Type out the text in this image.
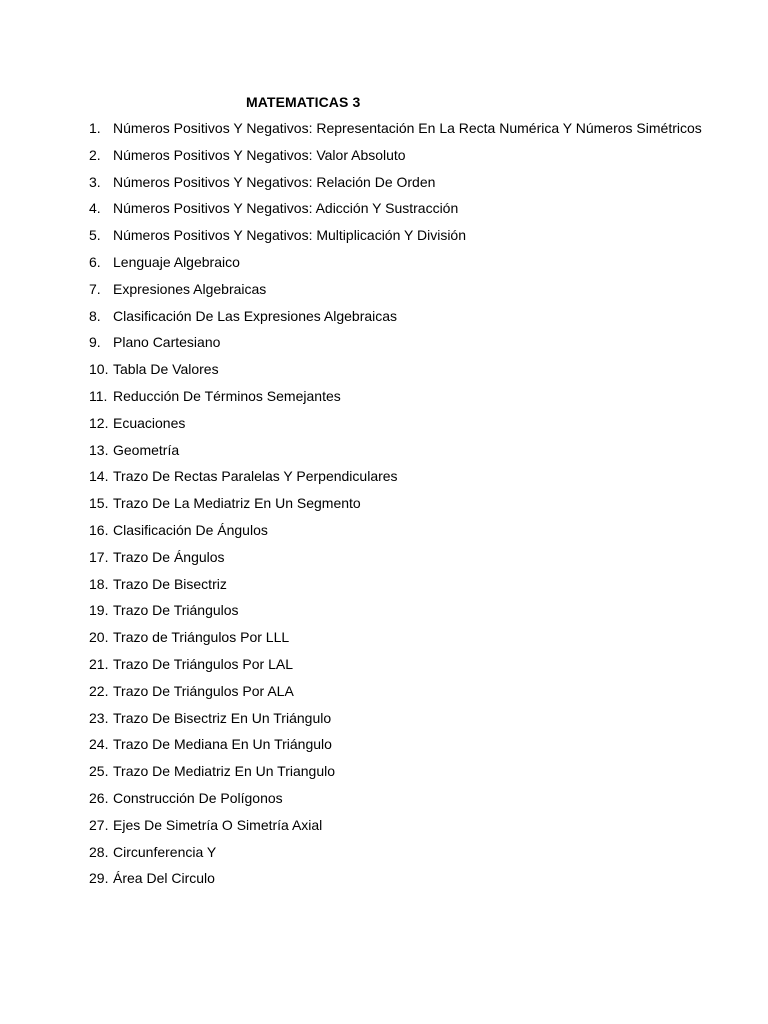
MATEMATICAS 3
1. Números Positivos Y Negativos: Representación En La Recta Numérica Y Números Simétricos
2. Números Positivos Y Negativos: Valor Absoluto
3. Números Positivos Y Negativos: Relación De Orden
4. Números Positivos Y Negativos: Adicción Y Sustracción
5. Números Positivos Y Negativos: Multiplicación Y División
6. Lenguaje Algebraico
7. Expresiones Algebraicas
8. Clasificación De Las Expresiones Algebraicas
9. Plano Cartesiano
10. Tabla De Valores
11. Reducción De Términos Semejantes
12. Ecuaciones
13. Geometría
14. Trazo De Rectas Paralelas Y Perpendiculares
15. Trazo De La Mediatriz En Un Segmento
16. Clasificación De Ángulos
17. Trazo De Ángulos
18. Trazo De Bisectriz
19. Trazo De Triángulos
20. Trazo de Triángulos Por LLL
21. Trazo De Triángulos Por LAL
22. Trazo De Triángulos Por ALA
23. Trazo De Bisectriz En Un Triángulo
24. Trazo De Mediana En Un Triángulo
25. Trazo De Mediatriz En Un Triangulo
26. Construcción De Polígonos
27. Ejes De Simetría O Simetría Axial
28. Circunferencia Y
29. Área Del Circulo
